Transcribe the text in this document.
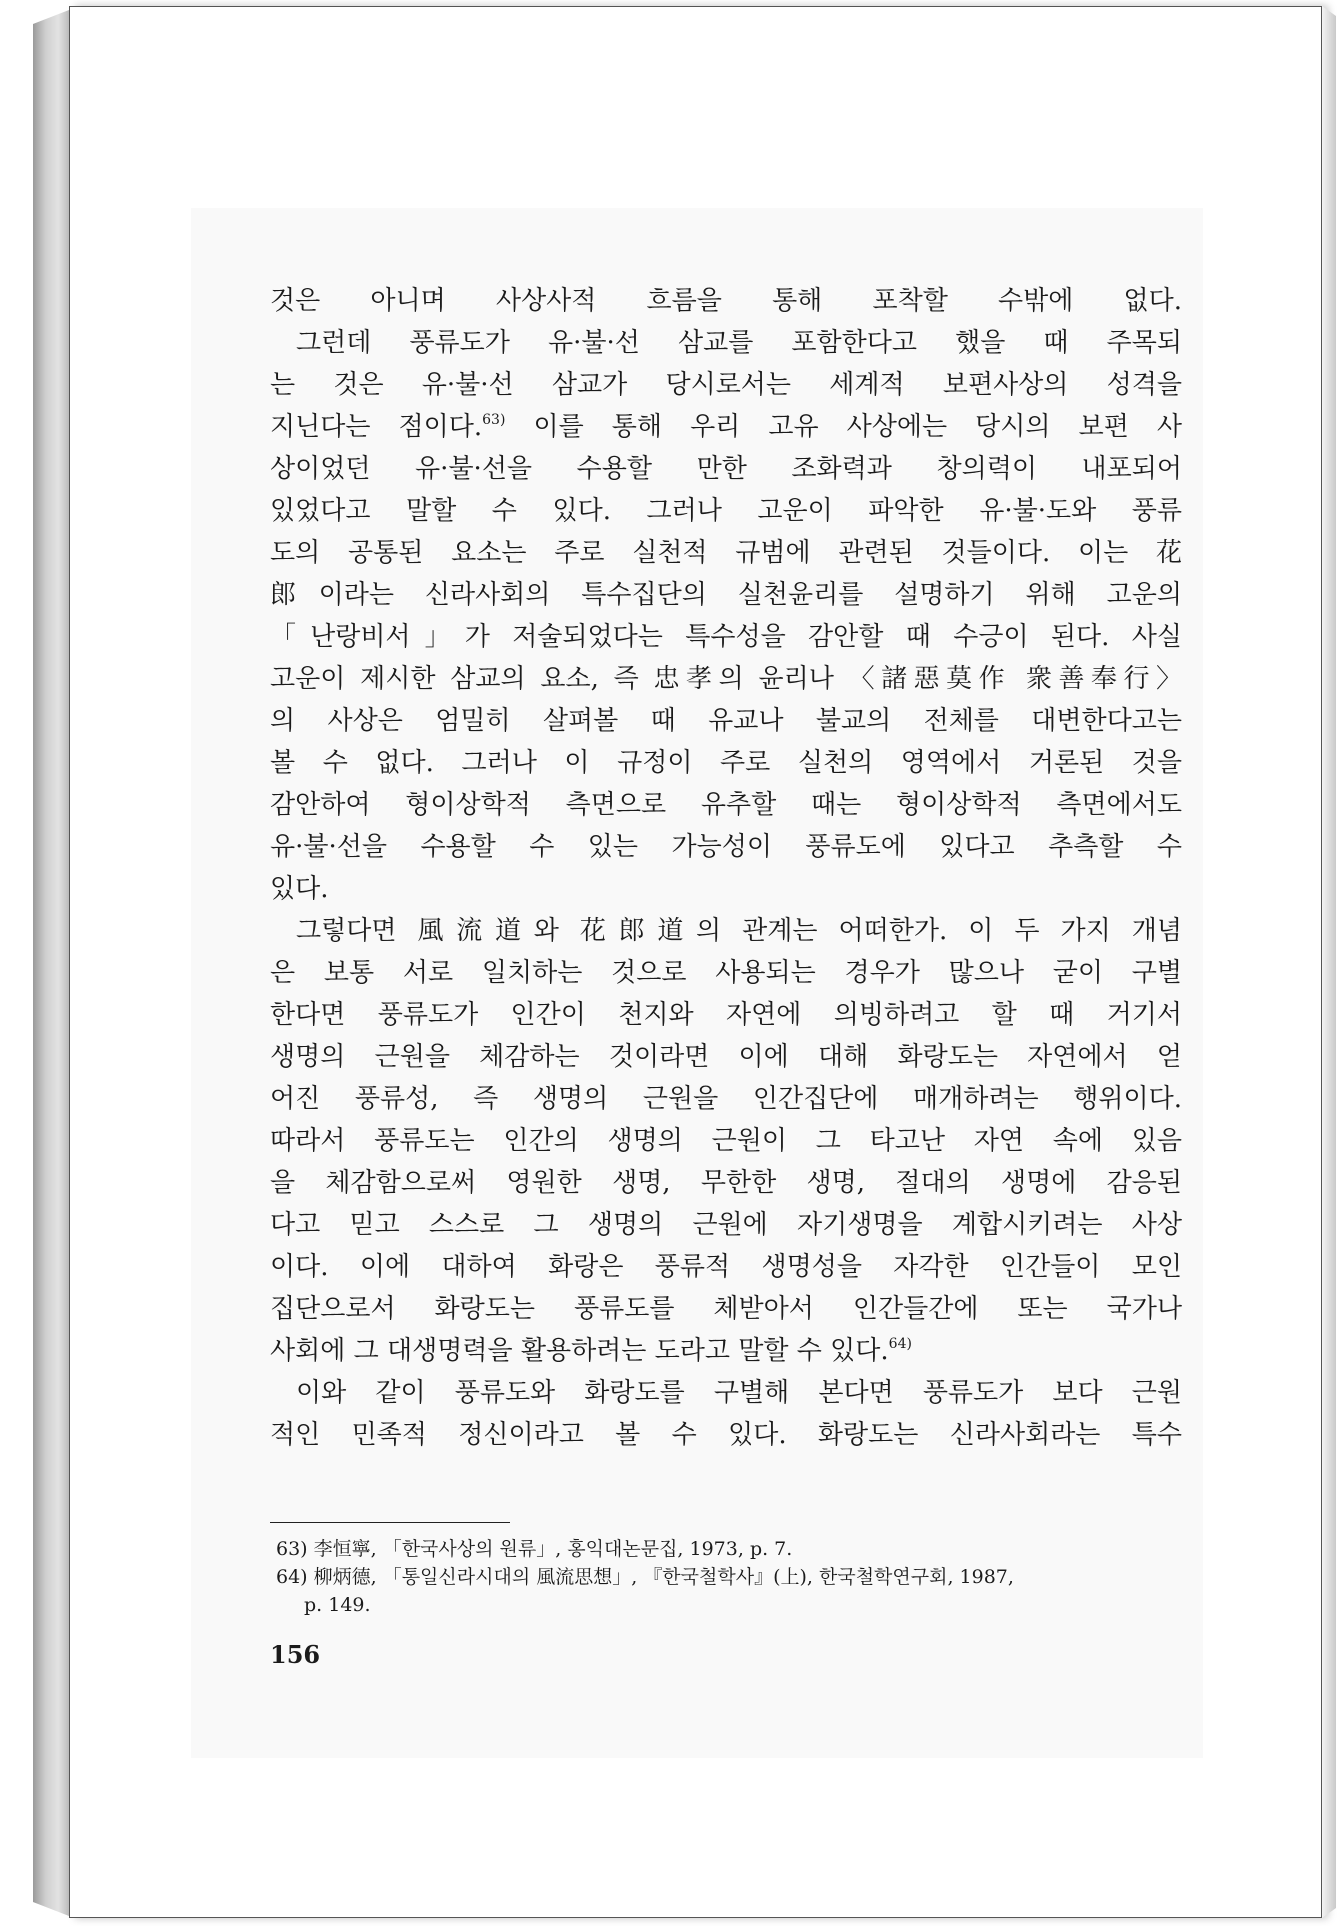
것은 아니며 사상사적 흐름을 통해 포착할 수밖에 없다.
그런데 풍류도가 유·불·선 삼교를 포함한다고 했을 때 주목되
는 것은 유·불·선 삼교가 당시로서는 세계적 보편사상의 성격을
지닌다는 점이다.$^{63)}$ 이를 통해 우리 고유 사상에는 당시의 보편 사
상이었던 유·불·선을 수용할 만한 조화력과 창의력이 내포되어
있었다고 말할 수 있다. 그러나 고운이 파악한 유·불·도와 풍류
도의 공통된 요소는 주로 실천적 규범에 관련된 것들이다. 이는 花
郎이라는 신라사회의 특수집단의 실천윤리를 설명하기 위해 고운의
「난랑비서」가 저술되었다는 특수성을 감안할 때 수긍이 된다. 사실
고운이 제시한 삼교의 요소, 즉 忠孝의 윤리나 〈諸惡莫作 衆善奉行〉
의 사상은 엄밀히 살펴볼 때 유교나 불교의 전체를 대변한다고는
볼 수 없다. 그러나 이 규정이 주로 실천의 영역에서 거론된 것을
감안하여 형이상학적 측면으로 유추할 때는 형이상학적 측면에서도
유·불·선을 수용할 수 있는 가능성이 풍류도에 있다고 추측할 수
있다.
그렇다면 風流道와 花郎道의 관계는 어떠한가. 이 두 가지 개념
은 보통 서로 일치하는 것으로 사용되는 경우가 많으나 굳이 구별
한다면 풍류도가 인간이 천지와 자연에 의빙하려고 할 때 거기서
생명의 근원을 체감하는 것이라면 이에 대해 화랑도는 자연에서 얻
어진 풍류성, 즉 생명의 근원을 인간집단에 매개하려는 행위이다.
따라서 풍류도는 인간의 생명의 근원이 그 타고난 자연 속에 있음
을 체감함으로써 영원한 생명, 무한한 생명, 절대의 생명에 감응된
다고 믿고 스스로 그 생명의 근원에 자기생명을 계합시키려는 사상
이다. 이에 대하여 화랑은 풍류적 생명성을 자각한 인간들이 모인
집단으로서 화랑도는 풍류도를 체받아서 인간들간에 또는 국가나
사회에 그 대생명력을 활용하려는 도라고 말할 수 있다.$^{64)}$
이와 같이 풍류도와 화랑도를 구별해 본다면 풍류도가 보다 근원
적인 민족적 정신이라고 볼 수 있다. 화랑도는 신라사회라는 특수
63) 李恒寧, 「한국사상의 원류」, 홍익대논문집, 1973, p. 7.
64) 柳炳德, 「통일신라시대의 風流思想」, 『한국철학사』(上), 한국철학연구회, 1987,
p. 149.
156
